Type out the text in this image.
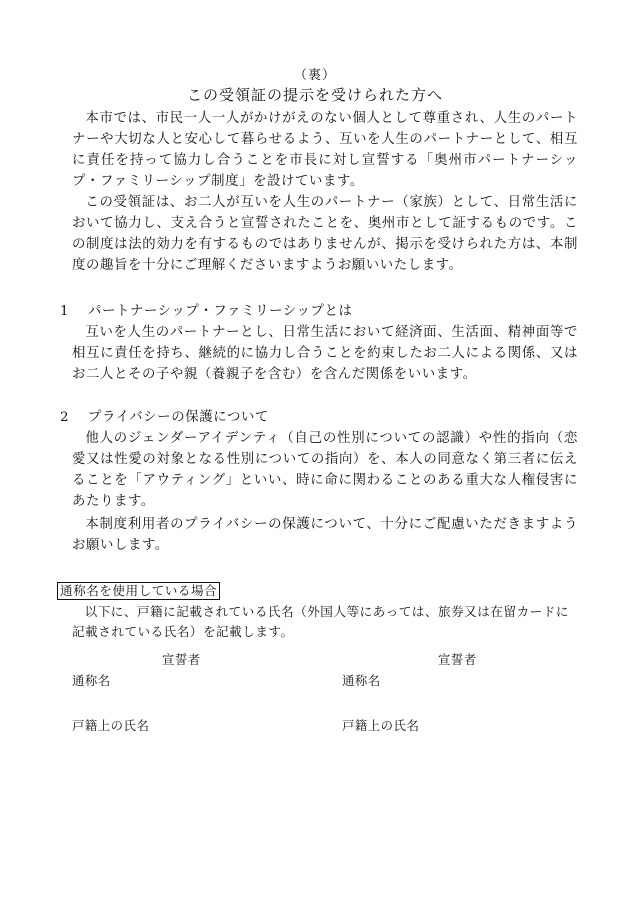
（裏）
この受領証の提示を受けられた方へ
本市では、市民一人一人がかけがえのない個人として尊重され、人生のパートナーや大切な人と安心して暮らせるよう、互いを人生のパートナーとして、相互に責任を持って協力し合うことを市長に対し宣誓する「奥州市パートナーシップ・ファミリーシップ制度」を設けています。
この受領証は、お二人が互いを人生のパートナー（家族）として、日常生活において協力し、支え合うと宣誓されたことを、奥州市として証するものです。この制度は法的効力を有するものではありませんが、掲示を受けられた方は、本制度の趣旨を十分にご理解くださいますようお願いいたします。
1 パートナーシップ・ファミリーシップとは
互いを人生のパートナーとし、日常生活において経済面、生活面、精神面等で相互に責任を持ち、継続的に協力し合うことを約束したお二人による関係、又はお二人とその子や親（養親子を含む）を含んだ関係をいいます。
2 プライバシーの保護について
他人のジェンダーアイデンティ（自己の性別についての認識）や性的指向（恋愛又は性愛の対象となる性別についての指向）を、本人の同意なく第三者に伝えることを「アウティング」といい、時に命に関わることのある重大な人権侵害にあたります。
本制度利用者のプライバシーの保護について、十分にご配慮いただきますようお願いします。
通称名を使用している場合
以下に、戸籍に記載されている氏名（外国人等にあっては、旅券又は在留カードに記載されている氏名）を記載します。
宣誓者	宣誓者
通称名	通称名
戸籍上の氏名	戸籍上の氏名
